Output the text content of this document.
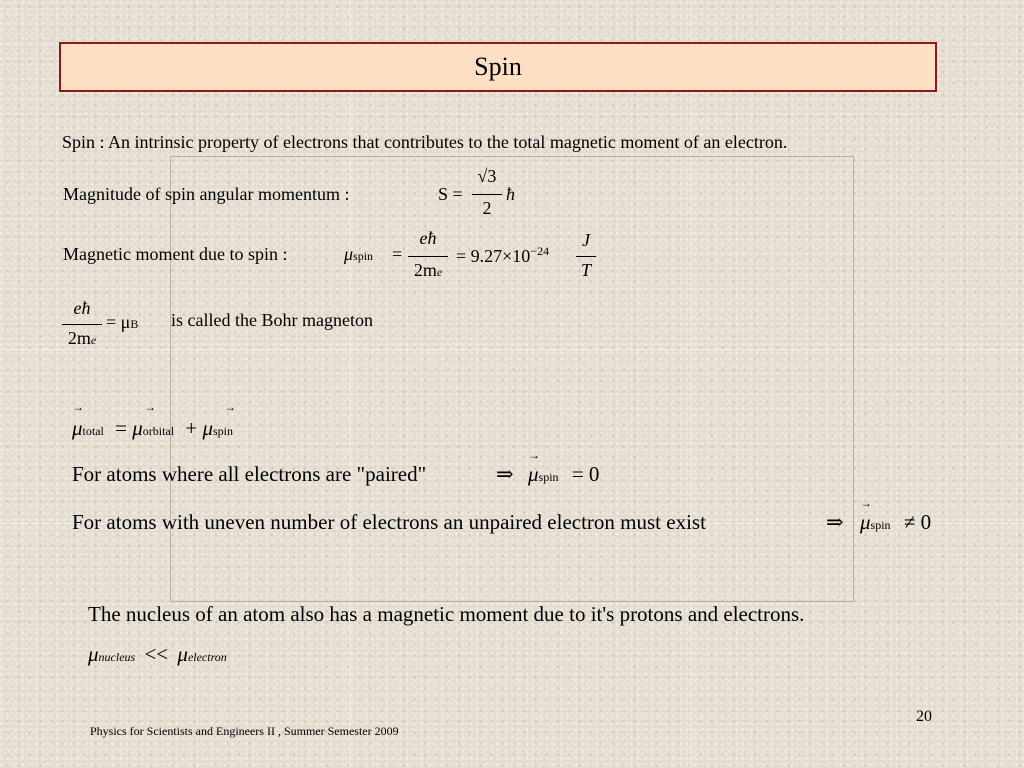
Spin
Spin : An intrinsic property of electrons that contributes to the total magnetic moment of an electron.
Magnitude of spin angular momentum :	S =
√3
2
ħ
Magnetic moment due to spin :	μspin =
eħ
2me
= $9.27\times 10^{-24}$
J
T
eħ
2me
= μB is called the Bohr magneton
→	→	→
μtotal = μorbital + μspin
For atoms where all electrons are "paired"	⇒
→
μspin = 0
For atoms with uneven number of electrons an unpaired electron must exist	⇒
→
μspin ≠ 0
The nucleus of an atom also has a magnetic moment due to it's protons and electrons.
μnucleus << μelectron
Physics for Scientists and Engineers II , Summer Semester 2009
20
